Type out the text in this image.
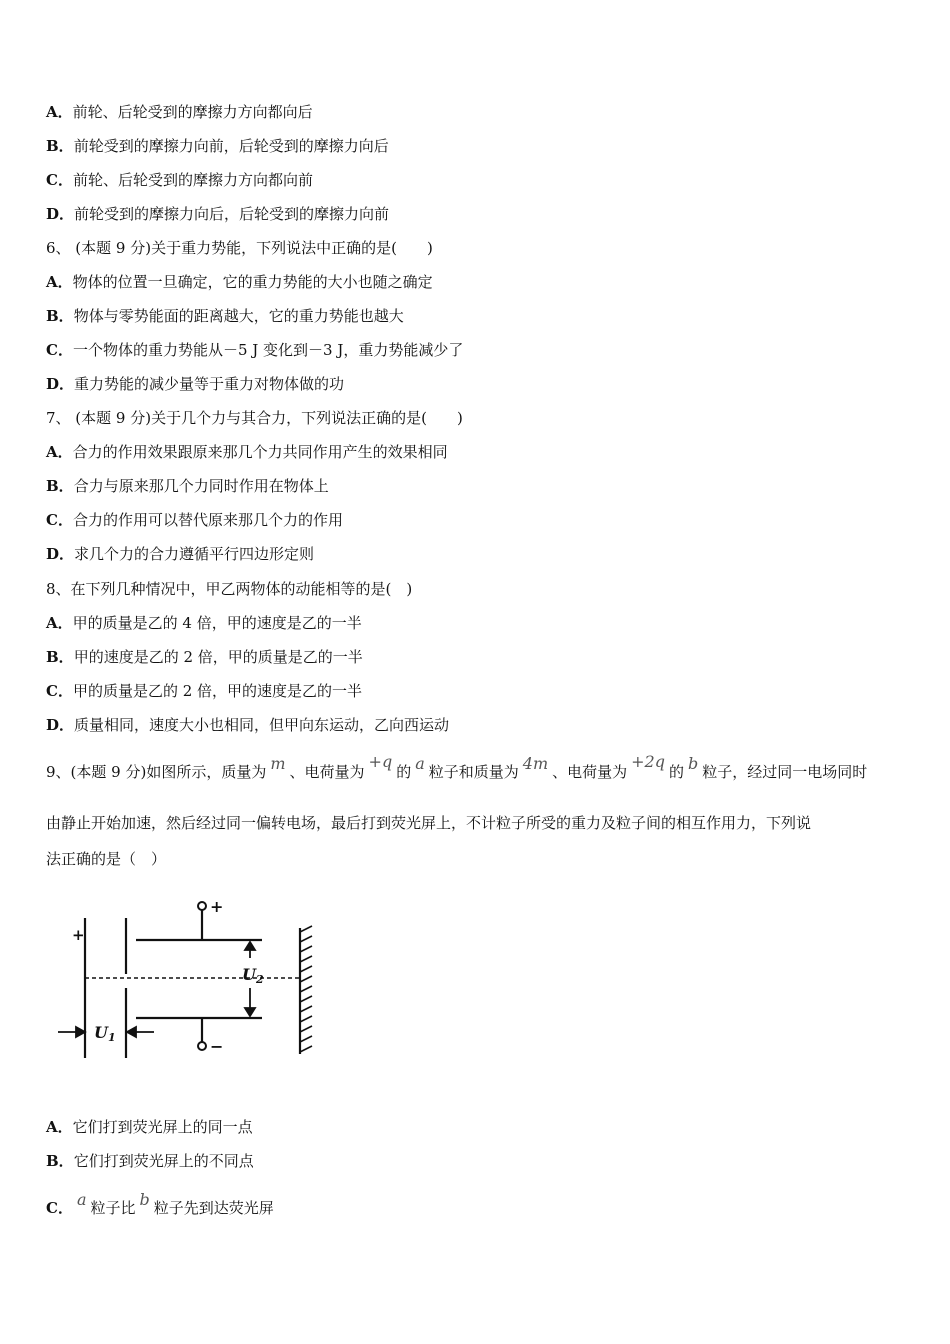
A．前轮、后轮受到的摩擦力方向都向后
B．前轮受到的摩擦力向前，后轮受到的摩擦力向后
C．前轮、后轮受到的摩擦力方向都向前
D．前轮受到的摩擦力向后，后轮受到的摩擦力向前
6、 (本题 9 分)关于重力势能，下列说法中正确的是(　　)
A．物体的位置一旦确定，它的重力势能的大小也随之确定
B．物体与零势能面的距离越大，它的重力势能也越大
C．一个物体的重力势能从－5 J 变化到－3 J，重力势能减少了
D．重力势能的减少量等于重力对物体做的功
7、 (本题 9 分)关于几个力与其合力，下列说法正确的是(　　)
A．合力的作用效果跟原来那几个力共同作用产生的效果相同
B．合力与原来那几个力同时作用在物体上
C．合力的作用可以替代原来那几个力的作用
D．求几个力的合力遵循平行四边形定则
8、在下列几种情况中，甲乙两物体的动能相等的是(　)
A．甲的质量是乙的 4 倍，甲的速度是乙的一半
B．甲的速度是乙的 2 倍，甲的质量是乙的一半
C．甲的质量是乙的 2 倍，甲的速度是乙的一半
D．质量相同，速度大小也相同，但甲向东运动，乙向西运动
9、(本题 9 分)如图所示，质量为 m 、电荷量为+q的 a 粒子和质量为 4m 、电荷量为+2q的 b 粒子，经过同一电场同时
由静止开始加速，然后经过同一偏转电场，最后打到荧光屏上，不计粒子所受的重力及粒子间的相互作用力，下列说
法正确的是（　）
+
−
+
U2
U1
A．它们打到荧光屏上的同一点
B．它们打到荧光屏上的不同点
C． a 粒子比 b 粒子先到达荧光屏
